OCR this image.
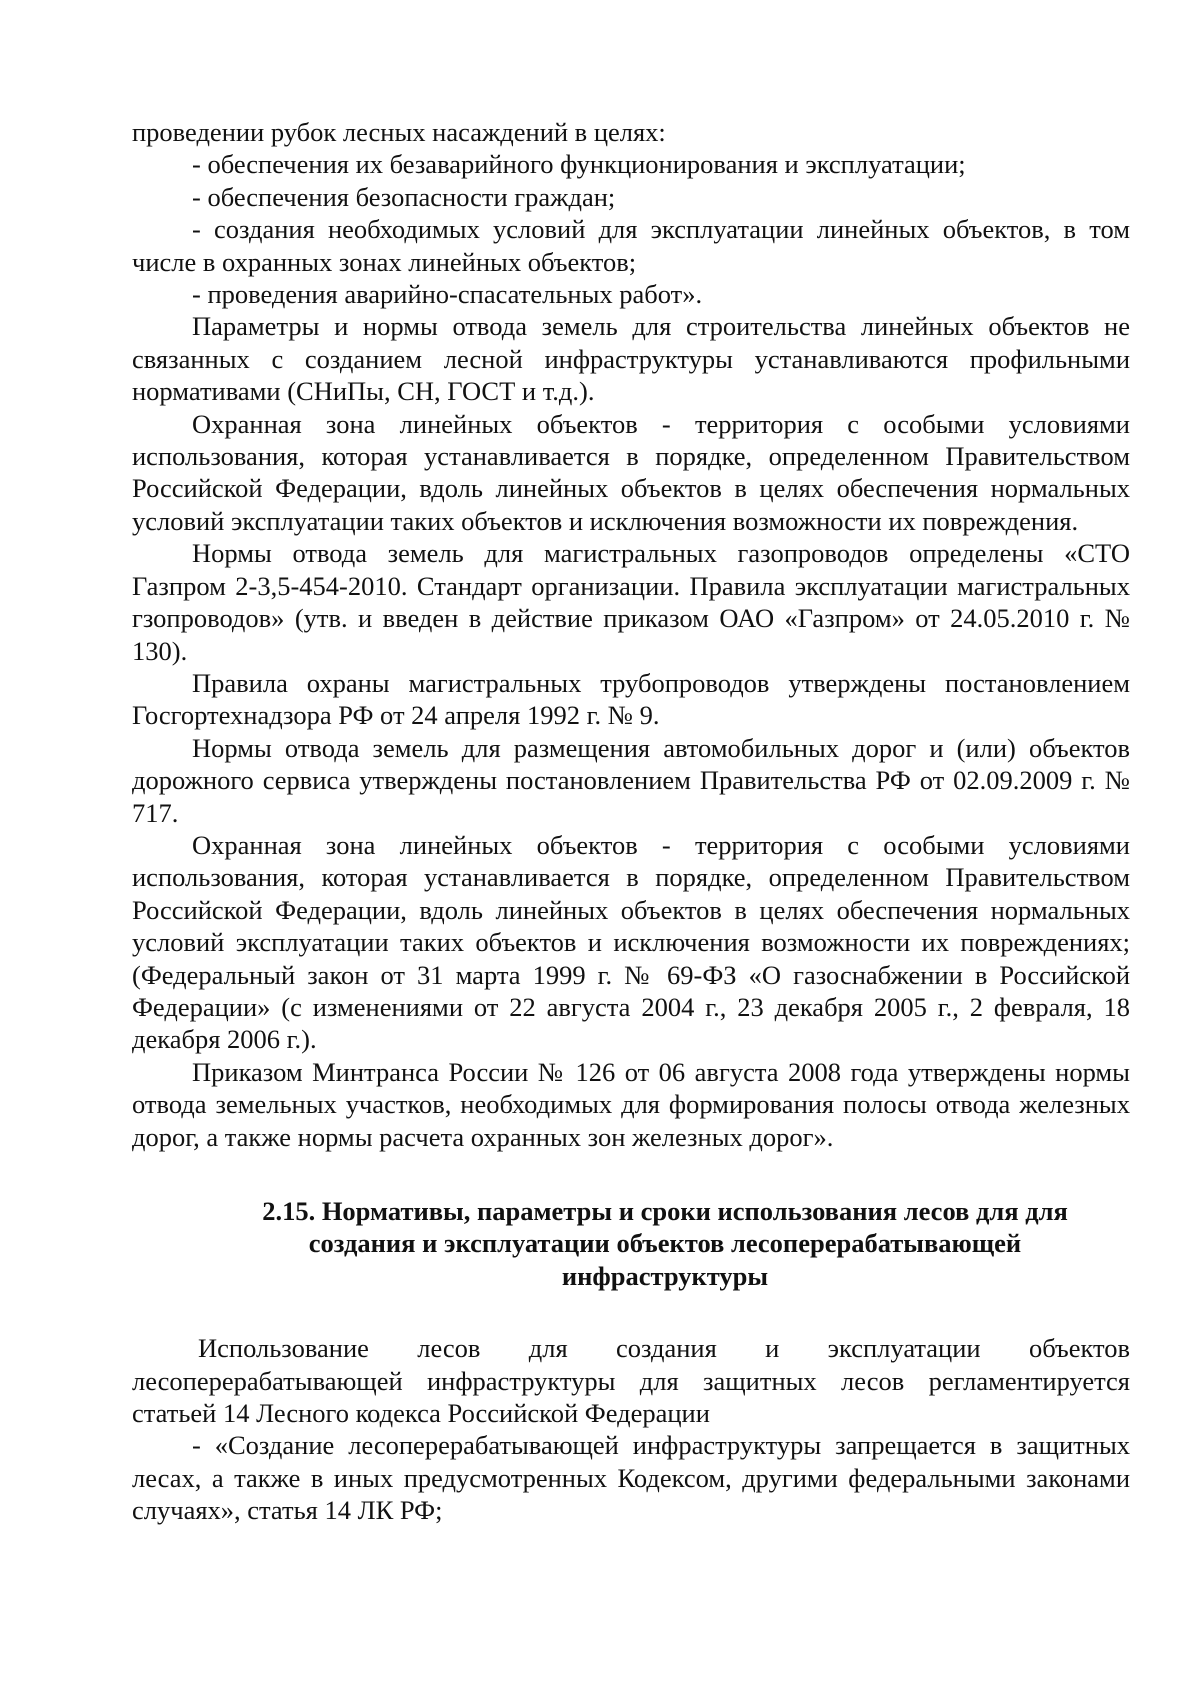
проведении рубок лесных насаждений в целях:

- обеспечения их безаварийного функционирования и эксплуатации;

- обеспечения безопасности граждан;

- создания необходимых условий для эксплуатации линейных объектов, в том числе в охранных зонах линейных объектов;

- проведения аварийно-спасательных работ».

Параметры и нормы отвода земель для строительства линейных объектов не связанных с созданием лесной инфраструктуры устанавливаются профильными нормативами (СНиПы, СН, ГОСТ и т.д.).

Охранная зона линейных объектов - территория с особыми условиями использования, которая устанавливается в порядке, определенном Правительством Российской Федерации, вдоль линейных объектов в целях обеспечения нормальных условий эксплуатации таких объектов и исключения возможности их повреждения.

Нормы отвода земель для магистральных газопроводов определены «СТО Газпром 2-3,5-454-2010. Стандарт организации. Правила эксплуатации магистральных гзопроводов» (утв. и введен в действие приказом ОАО «Газпром» от 24.05.2010 г. № 130).

Правила охраны магистральных трубопроводов утверждены постановлением Госгортехнадзора РФ от 24 апреля 1992 г. № 9.

Нормы отвода земель для размещения автомобильных дорог и (или) объектов дорожного сервиса утверждены постановлением Правительства РФ от 02.09.2009 г. № 717.

Охранная зона линейных объектов - территория с особыми условиями использования, которая устанавливается в порядке, определенном Правительством Российской Федерации, вдоль линейных объектов в целях обеспечения нормальных условий эксплуатации таких объектов и исключения возможности их повреждениях; (Федеральный закон от 31 марта 1999 г. № 69-ФЗ «О газоснабжении в Российской Федерации» (с изменениями от 22 августа 2004 г., 23 декабря 2005 г., 2 февраля, 18 декабря 2006 г.).

Приказом Минтранса России № 126 от 06 августа 2008 года утверждены нормы отвода земельных участков, необходимых для формирования полосы отвода железных дорог, а также нормы расчета охранных зон железных дорог».

2.15. Нормативы, параметры и сроки использования лесов для для создания и эксплуатации объектов лесоперерабатывающей инфраструктуры

Использование лесов для создания и эксплуатации объектов лесоперерабатывающей инфраструктуры для защитных лесов регламентируется статьей 14 Лесного кодекса Российской Федерации

- «Создание лесоперерабатывающей инфраструктуры запрещается в защитных лесах, а также в иных предусмотренных Кодексом, другими федеральными законами случаях», статья 14 ЛК РФ;
